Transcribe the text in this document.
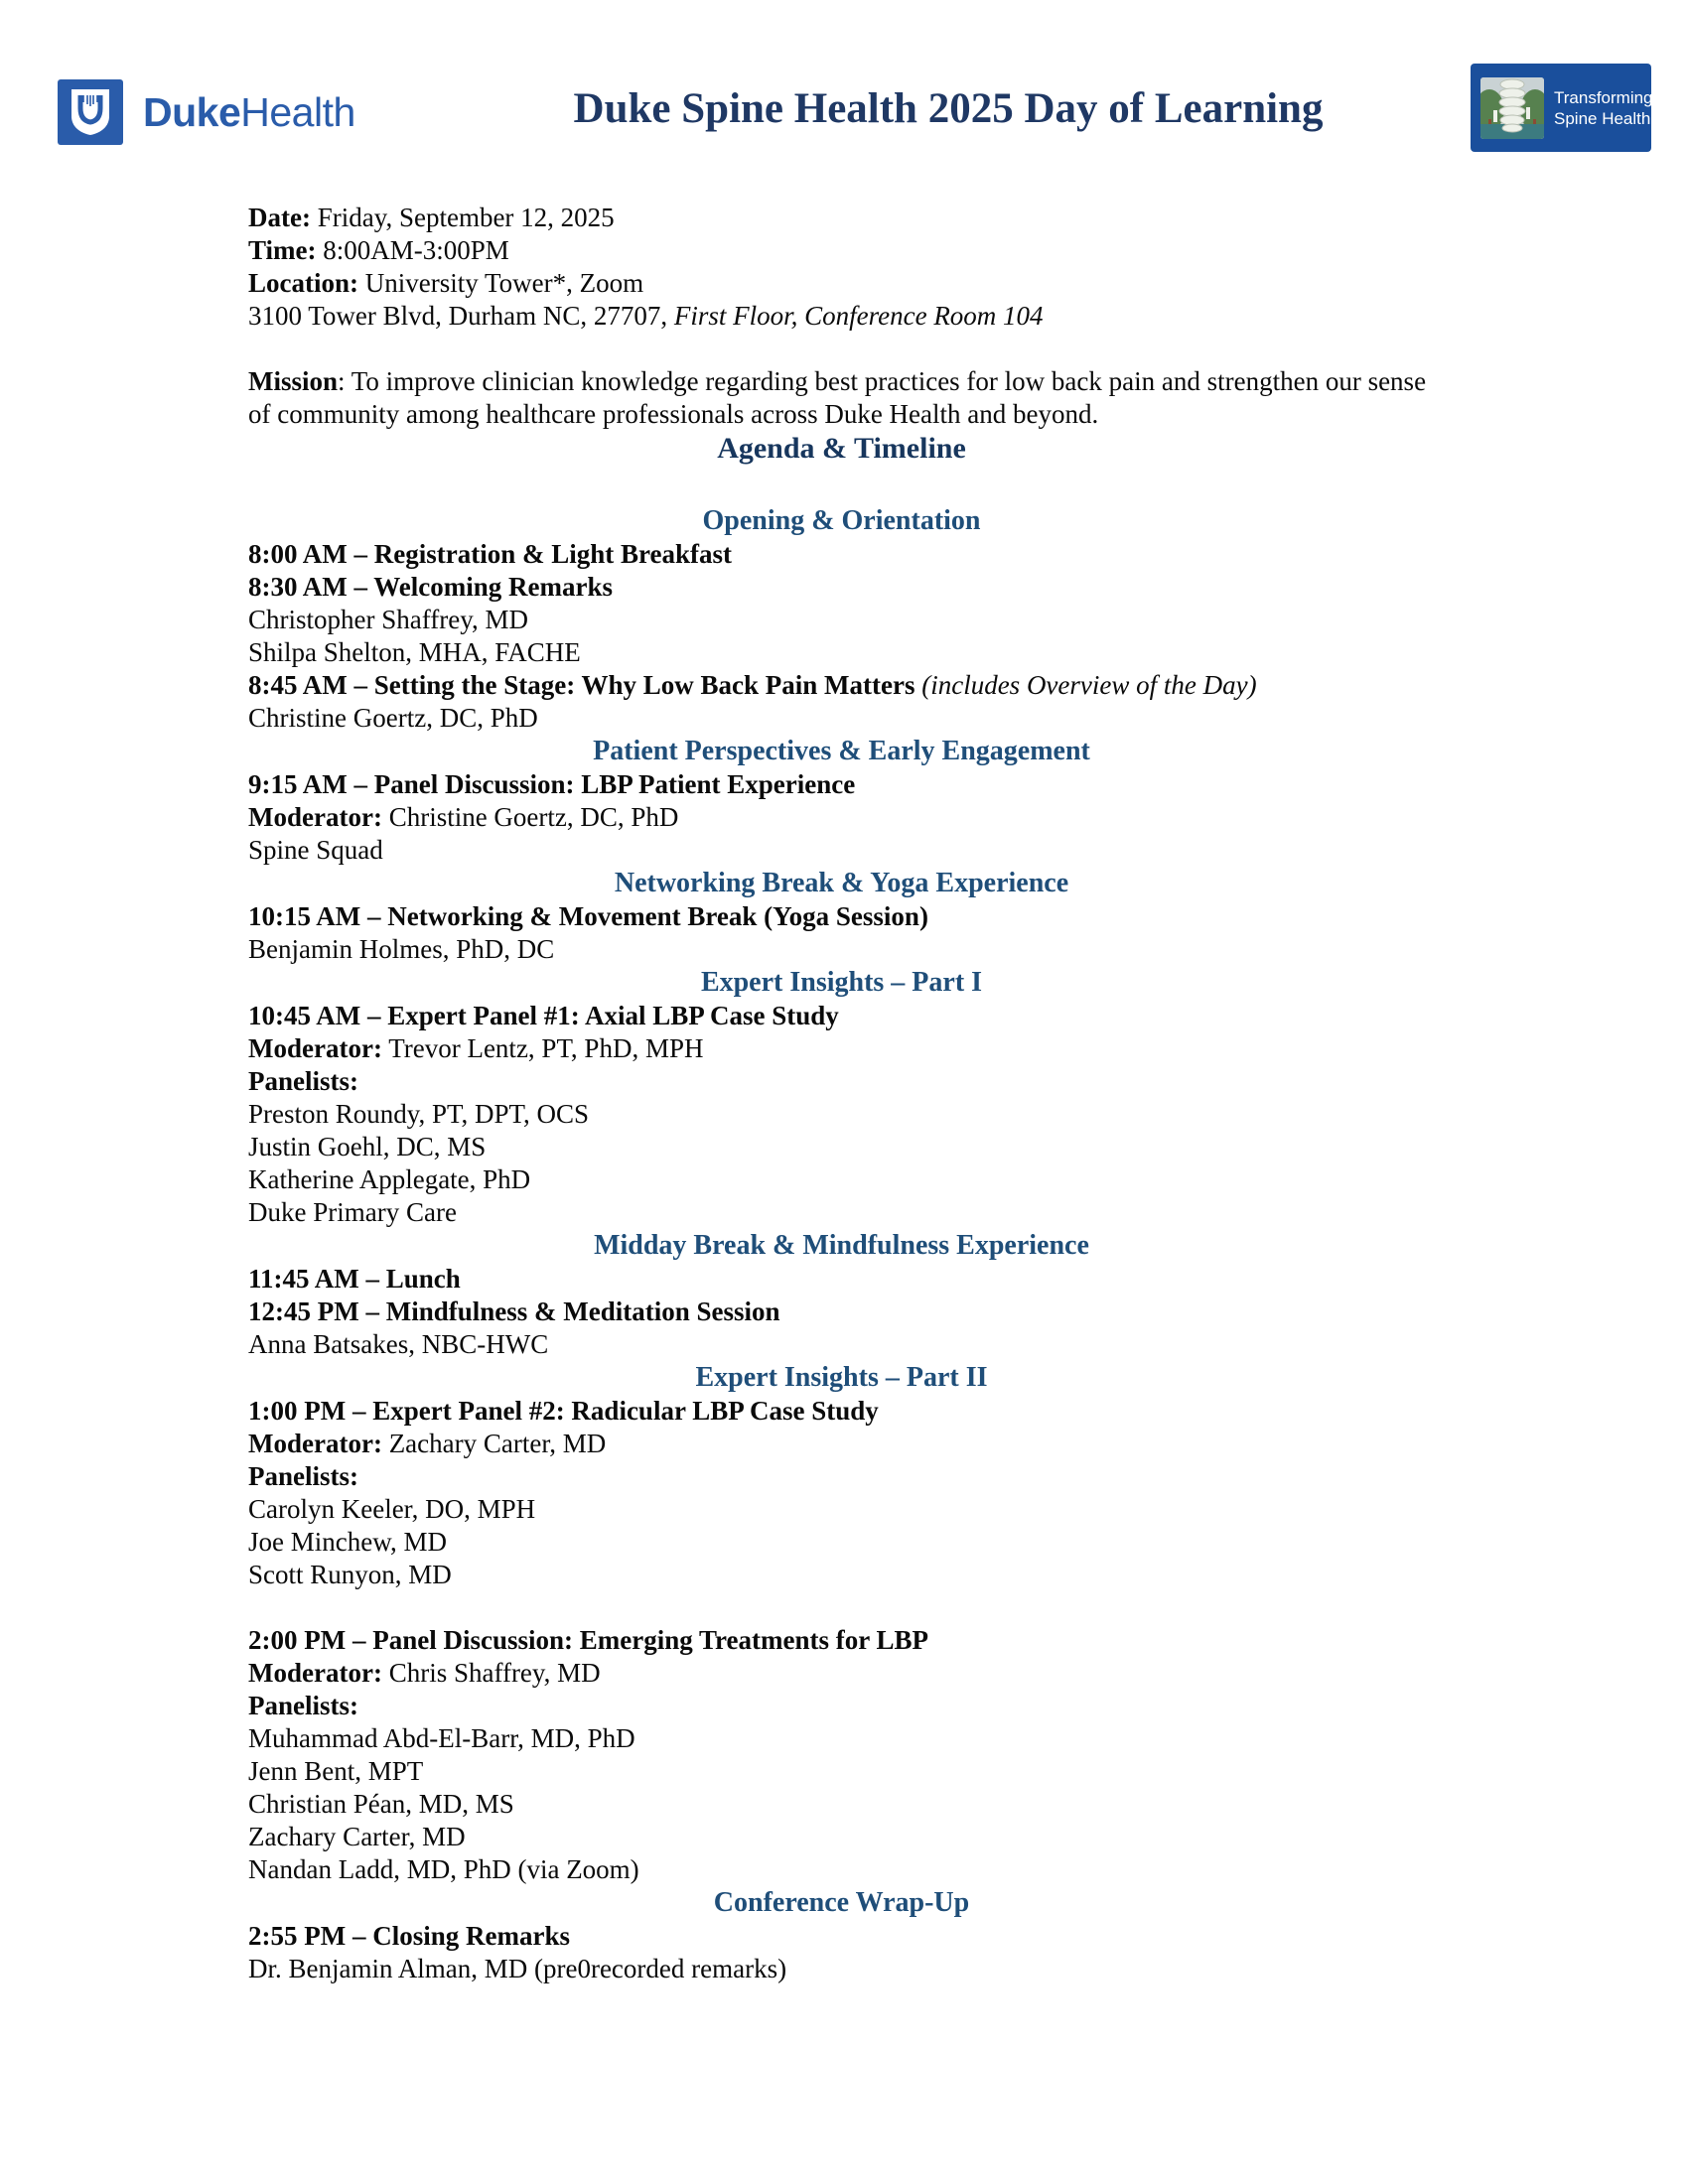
DukeHealth	Duke Spine Health 2025 Day of Learning	Transforming
Spine Health
Date: Friday, September 12, 2025
Time: 8:00AM-3:00PM
Location: University Tower*, Zoom
3100 Tower Blvd, Durham NC, 27707, First Floor, Conference Room 104

Mission: To improve clinician knowledge regarding best practices for low back pain and strengthen our sense of community among healthcare professionals across Duke Health and beyond.

Agenda & Timeline
Opening & Orientation
8:00 AM – Registration & Light Breakfast
8:30 AM – Welcoming Remarks
Christopher Shaffrey, MD
Shilpa Shelton, MHA, FACHE
8:45 AM – Setting the Stage: Why Low Back Pain Matters (includes Overview of the Day)
Christine Goertz, DC, PhD
Patient Perspectives & Early Engagement
9:15 AM – Panel Discussion: LBP Patient Experience
Moderator: Christine Goertz, DC, PhD
Spine Squad
Networking Break & Yoga Experience
10:15 AM – Networking & Movement Break (Yoga Session)
Benjamin Holmes, PhD, DC
Expert Insights – Part I
10:45 AM – Expert Panel #1: Axial LBP Case Study
Moderator: Trevor Lentz, PT, PhD, MPH
Panelists:
Preston Roundy, PT, DPT, OCS
Justin Goehl, DC, MS
Katherine Applegate, PhD
Duke Primary Care
Midday Break & Mindfulness Experience
11:45 AM – Lunch
12:45 PM – Mindfulness & Meditation Session
Anna Batsakes, NBC-HWC
Expert Insights – Part II
1:00 PM – Expert Panel #2: Radicular LBP Case Study
Moderator: Zachary Carter, MD
Panelists:
Carolyn Keeler, DO, MPH
Joe Minchew, MD
Scott Runyon, MD
2:00 PM – Panel Discussion: Emerging Treatments for LBP
Moderator: Chris Shaffrey, MD
Panelists:
Muhammad Abd-El-Barr, MD, PhD
Jenn Bent, MPT
Christian Péan, MD, MS
Zachary Carter, MD
Nandan Ladd, MD, PhD (via Zoom)
Conference Wrap-Up
2:55 PM – Closing Remarks
Dr. Benjamin Alman, MD (pre0recorded remarks)
